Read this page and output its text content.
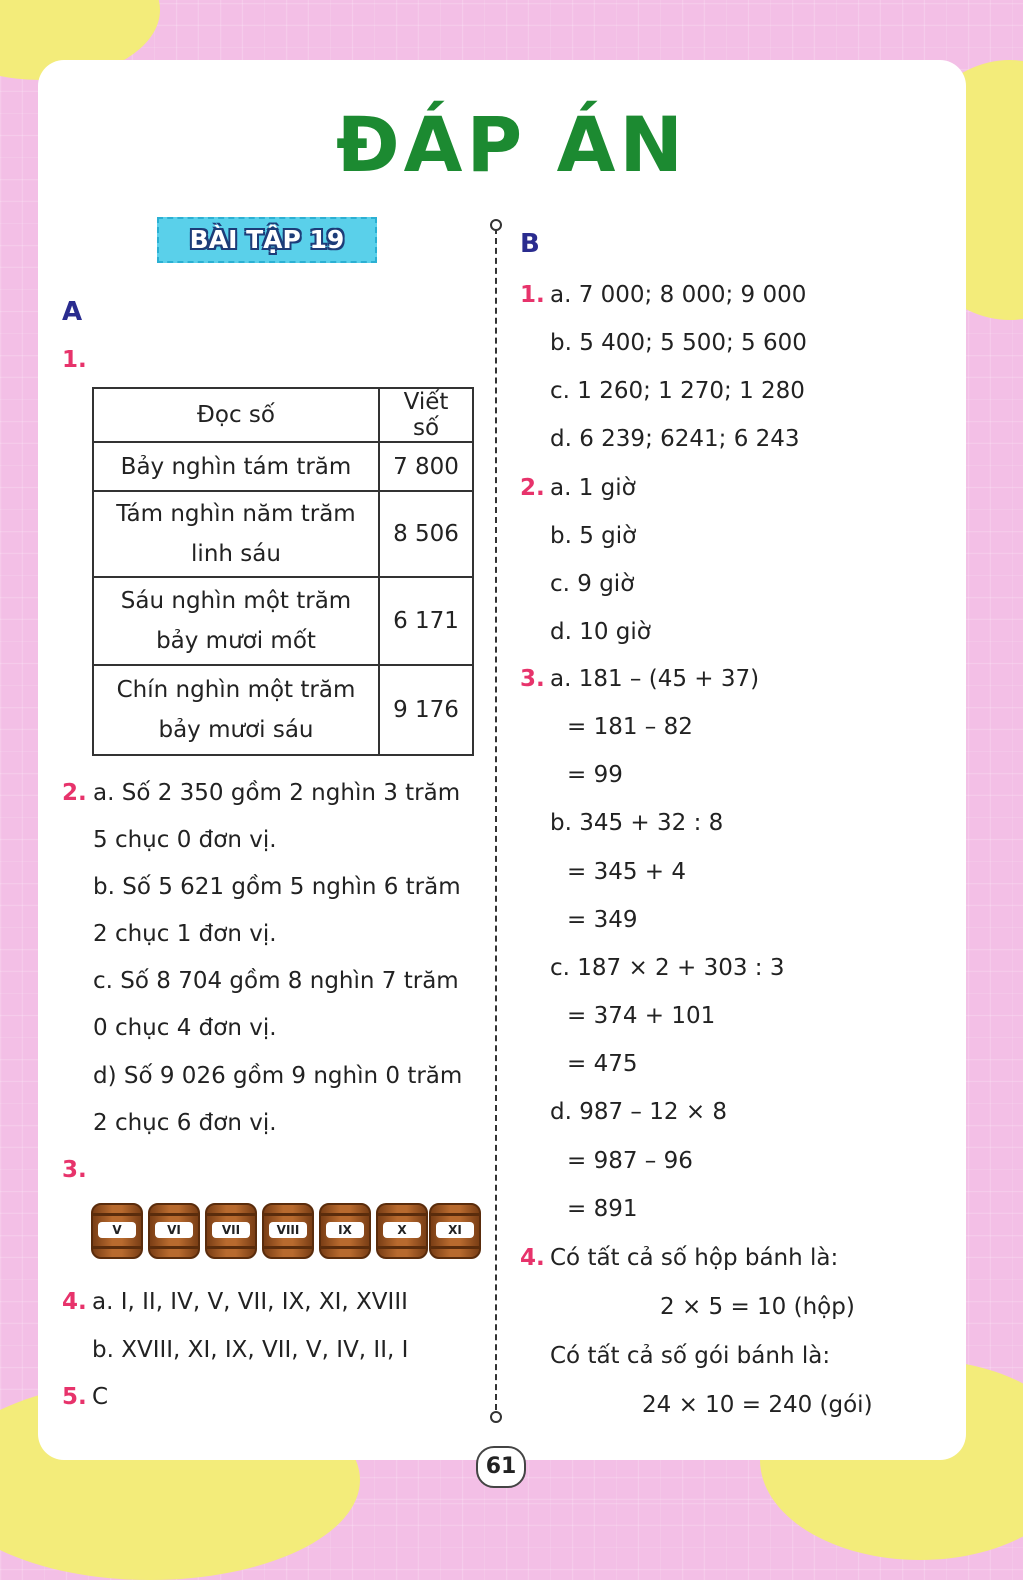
ĐÁP ÁN
BÀI TẬP 19
A
1.
Đọc số	Viết số
Bảy nghìn tám trăm	7 800
Tám nghìn năm trăm
linh sáu	8 506
Sáu nghìn một trăm
bảy mươi mốt	6 171
Chín nghìn một trăm
bảy mươi sáu	9 176
2. a. Số 2 350 gồm 2 nghìn 3 trăm
5 chục 0 đơn vị.
b. Số 5 621 gồm 5 nghìn 6 trăm
2 chục 1 đơn vị.
c. Số 8 704 gồm 8 nghìn 7 trăm
0 chục 4 đơn vị.
d) Số 9 026 gồm 9 nghìn 0 trăm
2 chục 6 đơn vị.
3.
V	VI	VII	VIII	IX	X	XI
4. a. I, II, IV, V, VII, IX, XI, XVIII
b. XVIII, XI, IX, VII, V, IV, II, I
5. C
B
1. a. 7 000; 8 000; 9 000
b. 5 400; 5 500; 5 600
c. 1 260; 1 270; 1 280
d. 6 239; 6241; 6 243
2. a. 1 giờ
b. 5 giờ
c. 9 giờ
d. 10 giờ
3. a. 181 – (45 + 37)
= 181 – 82
= 99
b. 345 + 32 : 8
= 345 + 4
= 349
c. 187 × 2 + 303 : 3
= 374 + 101
= 475
d. 987 – 12 × 8
= 987 – 96
= 891
4. Có tất cả số hộp bánh là:
2 × 5 = 10 (hộp)
Có tất cả số gói bánh là:
24 × 10 = 240 (gói)
61
